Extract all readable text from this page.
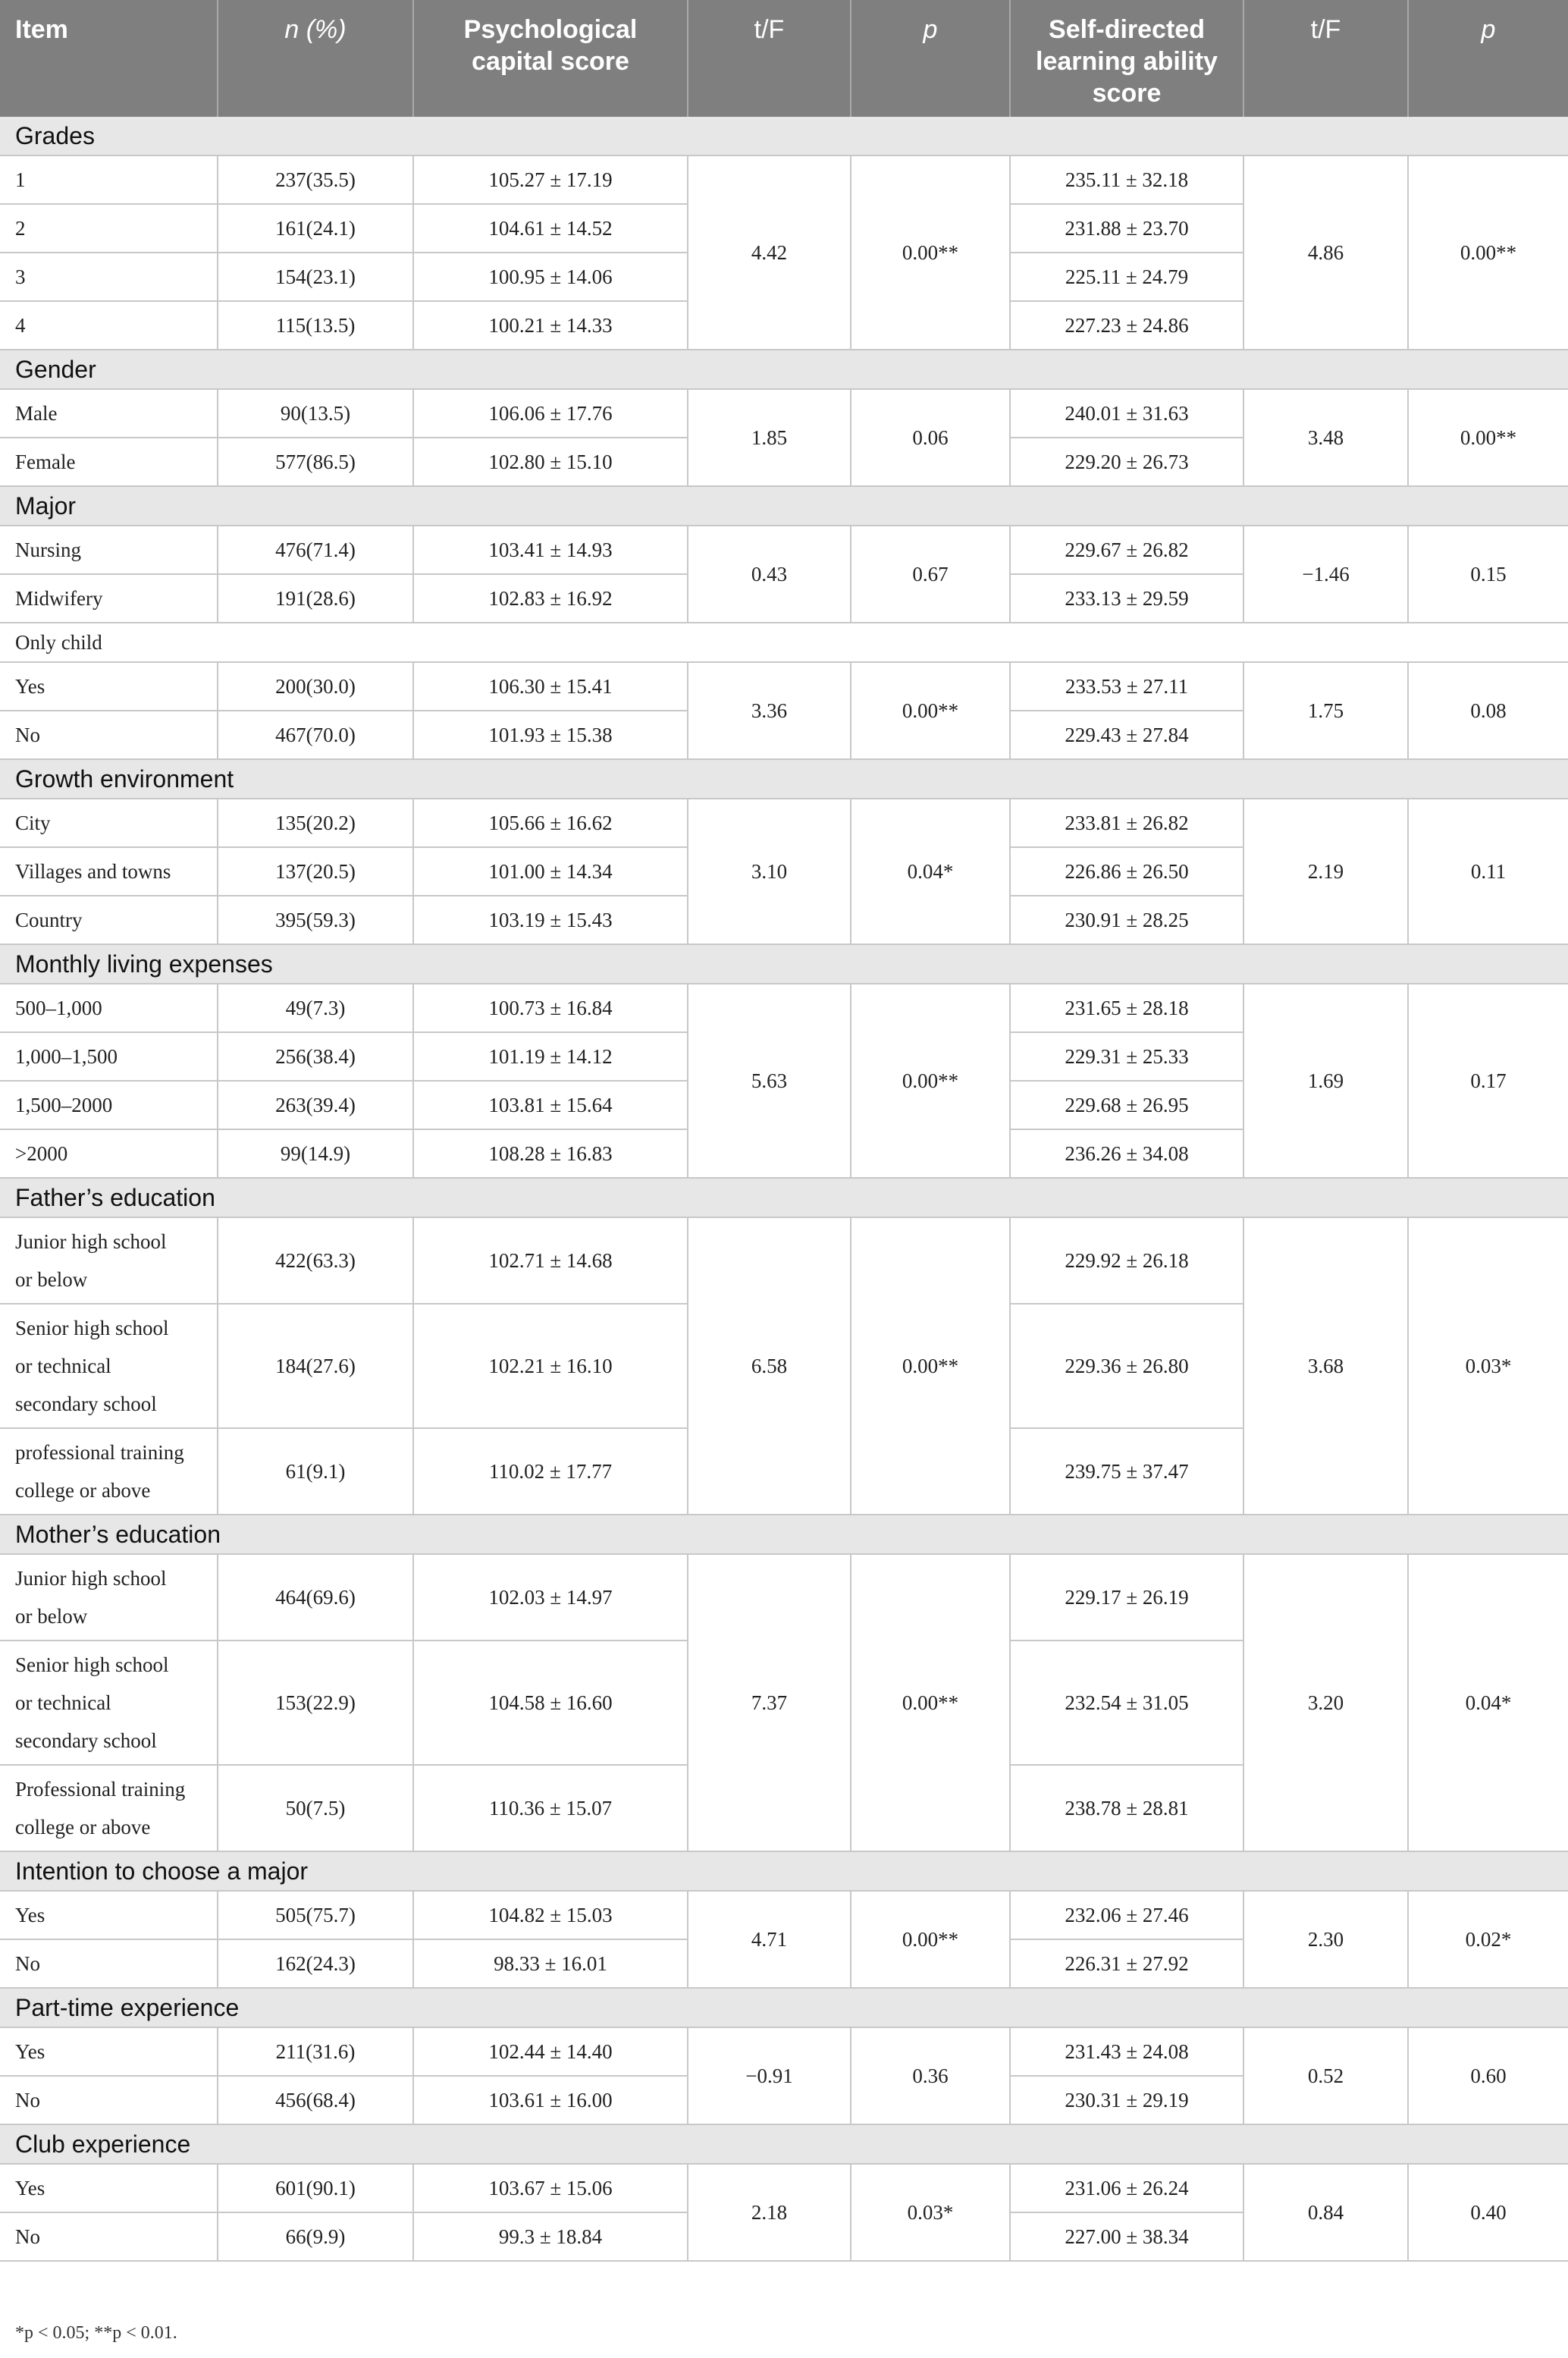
Item	n (%)	Psychological capital score	t/F	p	Self-directed learning ability score	t/F	p
Grades							
1	237(35.5)	105.27 ± 17.19	4.42	0.00**	235.11 ± 32.18	4.86	0.00**
2	161(24.1)	104.61 ± 14.52			231.88 ± 23.70		
3	154(23.1)	100.95 ± 14.06			225.11 ± 24.79		
4	115(13.5)	100.21 ± 14.33			227.23 ± 24.86		
Gender							
Male	90(13.5)	106.06 ± 17.76	1.85	0.06	240.01 ± 31.63	3.48	0.00**
Female	577(86.5)	102.80 ± 15.10			229.20 ± 26.73		
Major							
Nursing	476(71.4)	103.41 ± 14.93	0.43	0.67	229.67 ± 26.82	−1.46	0.15
Midwifery	191(28.6)	102.83 ± 16.92			233.13 ± 29.59		
Only child							
Yes	200(30.0)	106.30 ± 15.41	3.36	0.00**	233.53 ± 27.11	1.75	0.08
No	467(70.0)	101.93 ± 15.38			229.43 ± 27.84		
Growth environment							
City	135(20.2)	105.66 ± 16.62	3.10	0.04*	233.81 ± 26.82	2.19	0.11
Villages and towns	137(20.5)	101.00 ± 14.34			226.86 ± 26.50		
Country	395(59.3)	103.19 ± 15.43			230.91 ± 28.25		
Monthly living expenses							
500–1,000	49(7.3)	100.73 ± 16.84	5.63	0.00**	231.65 ± 28.18	1.69	0.17
1,000–1,500	256(38.4)	101.19 ± 14.12			229.31 ± 25.33		
1,500–2000	263(39.4)	103.81 ± 15.64			229.68 ± 26.95		
>2000	99(14.9)	108.28 ± 16.83			236.26 ± 34.08		
Father’s education							
Junior high school
or below	422(63.3)	102.71 ± 14.68	6.58	0.00**	229.92 ± 26.18	3.68	0.03*
Senior high school
or technical
secondary school	184(27.6)	102.21 ± 16.10			229.36 ± 26.80		
professional training
college or above	61(9.1)	110.02 ± 17.77			239.75 ± 37.47		
Mother’s education							
Junior high school
or below	464(69.6)	102.03 ± 14.97	7.37	0.00**	229.17 ± 26.19	3.20	0.04*
Senior high school
or technical
secondary school	153(22.9)	104.58 ± 16.60			232.54 ± 31.05		
Professional training
college or above	50(7.5)	110.36 ± 15.07			238.78 ± 28.81		
Intention to choose a major							
Yes	505(75.7)	104.82 ± 15.03	4.71	0.00**	232.06 ± 27.46	2.30	0.02*
No	162(24.3)	98.33 ± 16.01			226.31 ± 27.92		
Part-time experience							
Yes	211(31.6)	102.44 ± 14.40	−0.91	0.36	231.43 ± 24.08	0.52	0.60
No	456(68.4)	103.61 ± 16.00			230.31 ± 29.19		
Club experience							
Yes	601(90.1)	103.67 ± 15.06	2.18	0.03*	231.06 ± 26.24	0.84	0.40
No	66(9.9)	99.3 ± 18.84			227.00 ± 38.34		
*p < 0.05; **p < 0.01.
